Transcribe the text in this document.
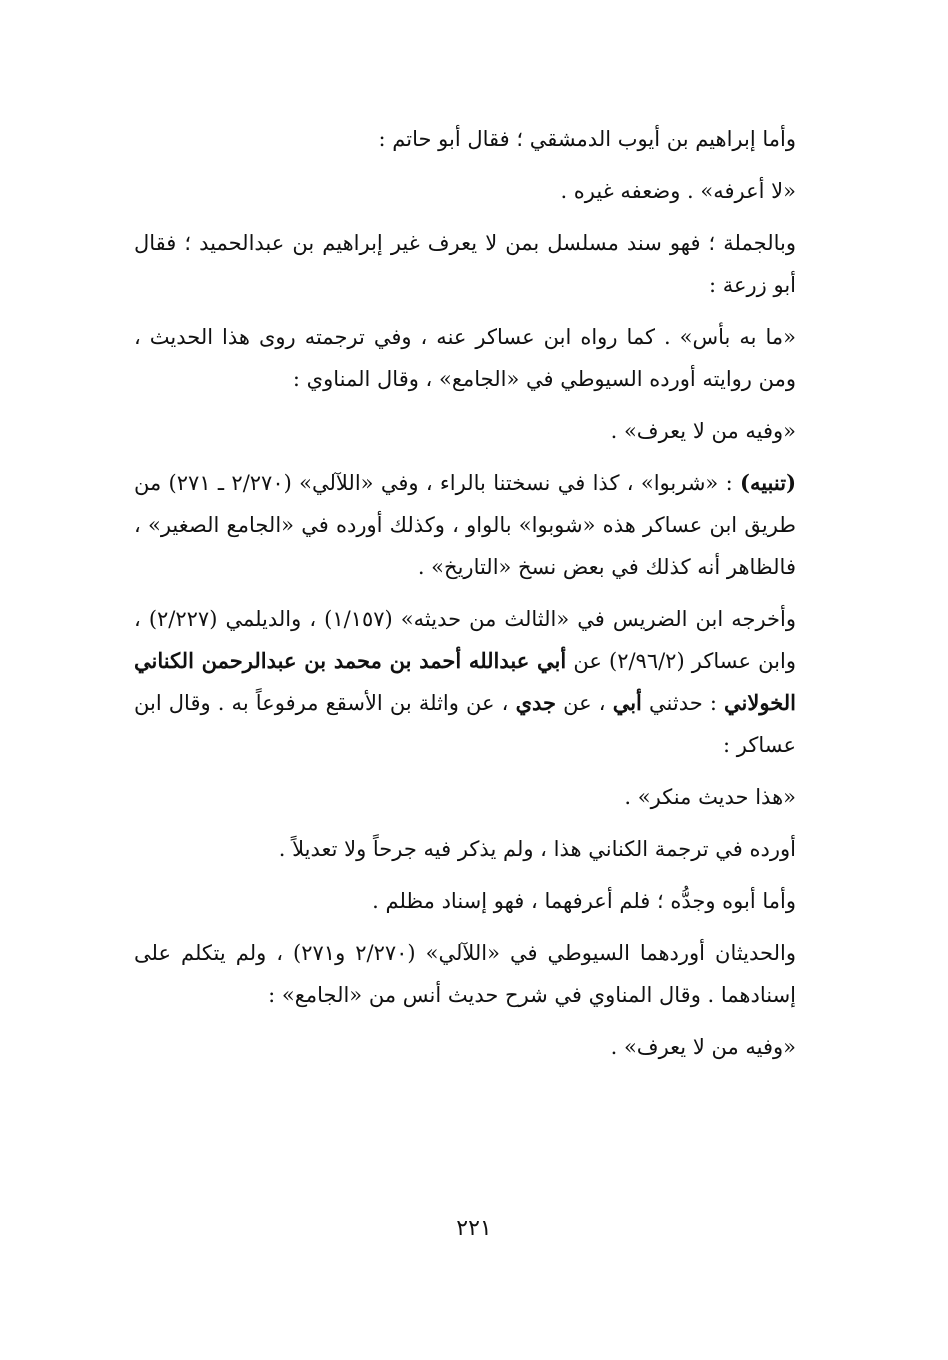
وأما إبراهيم بن أيوب الدمشقي ؛ فقال أبو حاتم :

«لا أعرفه» . وضعفه غيره .

وبالجملة ؛ فهو سند مسلسل بمن لا يعرف غير إبراهيم بن عبدالحميد ؛ فقال أبو زرعة :

«ما به بأس» . كما رواه ابن عساكر عنه ، وفي ترجمته روى هذا الحديث ، ومن روايته أورده السيوطي في «الجامع» ، وقال المناوي :

«وفيه من لا يعرف» .

(تنبيه) : «شربوا» ، كذا في نسختنا بالراء ، وفي «اللآلي» (٢/٢٧٠ ـ ٢٧١) من طريق ابن عساكر هذه «شوبوا» بالواو ، وكذلك أورده في «الجامع الصغير» ، فالظاهر أنه كذلك في بعض نسخ «التاريخ» .

وأخرجه ابن الضريس في «الثالث من حديثه» (١/١٥٧) ، والديلمي (٢/٢٢٧) ، وابن عساكر (٢/٩٦/٢) عن أبي عبدالله أحمد بن محمد بن عبدالرحمن الكناني الخولاني : حدثني أبي ، عن جدي ، عن واثلة بن الأسقع مرفوعاً به . وقال ابن عساكر :

«هذا حديث منكر» .

أورده في ترجمة الكناني هذا ، ولم يذكر فيه جرحاً ولا تعديلاً .

وأما أبوه وجدُّه ؛ فلم أعرفهما ، فهو إسناد مظلم .

والحديثان أوردهما السيوطي في «اللآلي» (٢/٢٧٠ و٢٧١) ، ولم يتكلم على إسنادهما . وقال المناوي في شرح حديث أنس من «الجامع» :

«وفيه من لا يعرف» .

٢٢١
